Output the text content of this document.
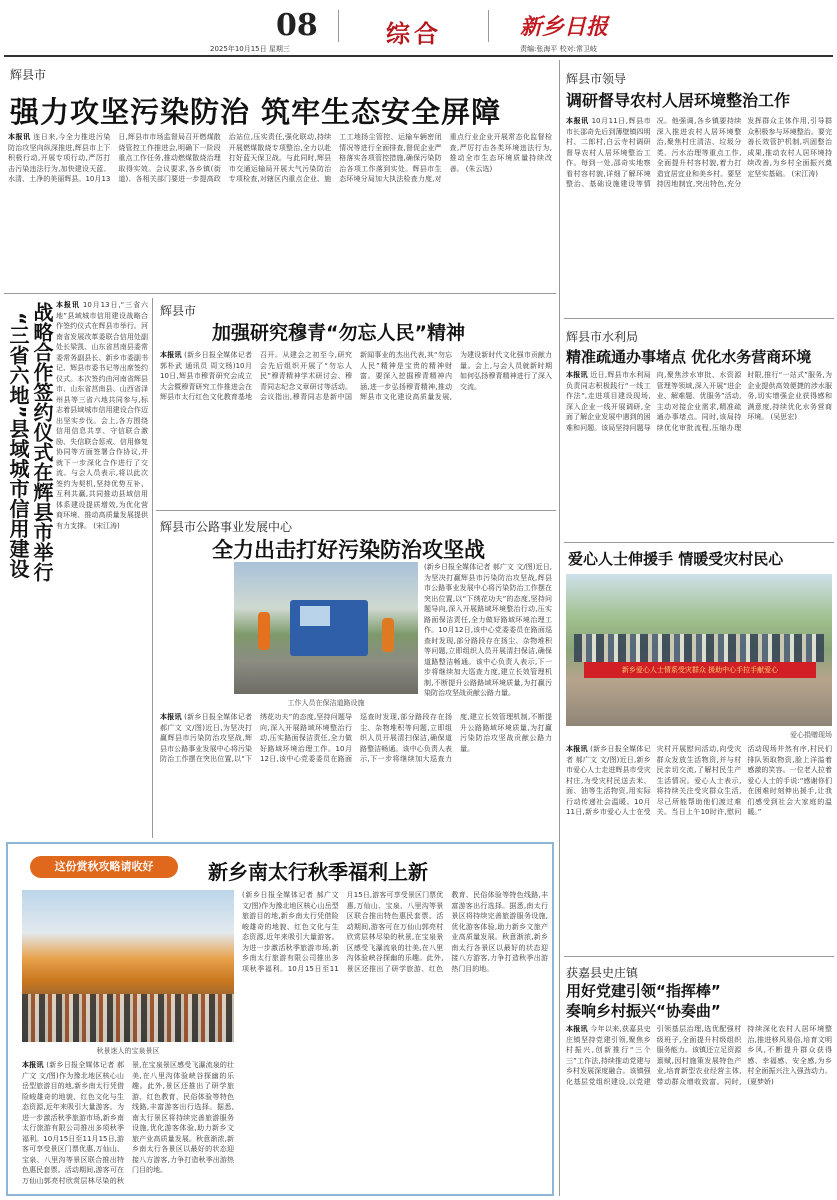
08	综合
2025年10月15日 星期三
新乡日报
责编:张海平 校对:常卫岐
辉县市
强力攻坚污染防治 筑牢生态安全屏障
本报讯 连日来,今全力推进污染防治攻坚向纵深推进,辉县市上下积极行动,开展专项行动,严厉打击污染违法行为,加快建设天蓝、水清、土净的美丽辉县。10月13日,辉县市市场监督局召开燃煤散烧管控工作推进会,明确下一阶段重点工作任务,推动燃煤散烧治理取得实效。会议要求,各乡镇(街道)、各相关部门要进一步提高政治站位,压实责任,强化联动,持续开展燃煤散烧专项整治,全力以赴打好蓝天保卫战。与此同时,辉县市交通运输局开展大气污染防治专项检查,对辖区内重点企业、施工工地扬尘管控、运输车辆密闭情况等进行全面排查,督促企业严格落实各项管控措施,确保污染防治各项工作落到实处。辉县市生态环境分局加大执法检查力度,对重点行业企业开展常态化监督检查,严厉打击各类环境违法行为,推动全市生态环境质量持续改善。 (朱云选)
战略合作签约仪式在辉县市举行
“三省六地”县域城市信用建设
本报讯 10月13日,“三省六地”县域城市信用建设战略合作签约仪式在辉县市举行。河南省发展改革委联合信用处副处长梁凯、山东省莒南县委常委常务副县长、新乡市委副书记、辉县市委书记等出席签约仪式。本次签约由河南省辉县市、山东省莒南县、山西省泽州县等三省六地共同参与,标志着县域城市信用建设合作迈出坚实步伐。会上,各方围绕信用信息共享、守信联合激励、失信联合惩戒、信用修复协同等方面签署合作协议,并就下一步深化合作进行了交流。与会人员表示,将以此次签约为契机,坚持优势互补、互利共赢,共同推动县域信用体系建设提质增效,为优化营商环境、推动高质量发展提供有力支撑。 (宋江涛)
辉县市
加强研究穆青“勿忘人民”精神
本报讯 (新乡日报全媒体记者 郭朴武 通讯员 周文杨)10月10日,辉县市穆青研究会成立大会暨穆青研究工作推进会在辉县市太行红色文化教育基地召开。从建会之初至今,研究会先后组织开展了“勿忘人民”穆青精神学术研讨会、穆青同志纪念文章研讨等活动。会议指出,穆青同志是新中国新闻事业的杰出代表,其“勿忘人民”精神是宝贵的精神财富。要深入挖掘穆青精神内涵,进一步弘扬穆青精神,推动辉县市文化建设高质量发展,为建设新时代文化强市贡献力量。会上,与会人员就新时期如何弘扬穆青精神进行了深入交流。
辉县市公路事业发展中心
全力出击打好污染防治攻坚战
工作人员在保洁道路设施
本报讯 (新乡日报全媒体记者 郝广文 文/图)近日,为坚决打赢辉县市污染防治攻坚战,辉县市公路事业发展中心将污染防治工作摆在突出位置,以“下绣花功夫”的态度,坚持问题导向,深入开展路域环境整治行动,压实路面保洁责任,全力做好路域环境治理工作。10月12日,该中心党委委员在路面巡查时发现,部分路段存在扬尘、杂物堆积等问题,立即组织人员开展清扫保洁,确保道路整洁畅通。该中心负责人表示,下一步将继续加大巡查力度,建立长效管理机制,不断提升公路路域环境质量,为打赢污染防治攻坚战贡献公路力量。
(新乡日报全媒体记者 郝广文 文/图)近日,为坚决打赢辉县市污染防治攻坚战,辉县市公路事业发展中心将污染防治工作摆在突出位置,以“下绣花功夫”的态度,坚持问题导向,深入开展路域环境整治行动,压实路面保洁责任,全力做好路域环境治理工作。10月12日,该中心党委委员在路面巡查时发现,部分路段存在扬尘、杂物堆积等问题,立即组织人员开展清扫保洁,确保道路整洁畅通。该中心负责人表示,下一步将继续加大巡查力度,建立长效管理机制,不断提升公路路域环境质量,为打赢污染防治攻坚战贡献公路力量。
这份赏秋攻略请收好	新乡南太行秋季福利上新
秋景迷人的宝泉景区
本报讯 (新乡日报全媒体记者 郝广文 文/图)作为豫北地区核心山岳型旅游目的地,新乡南太行凭借险峻雄奇的地貌、红色文化与生态资源,近年来吸引大量游客。为进一步激活秋季旅游市场,新乡南太行旅游有限公司推出多项秋季福利。10月15日至11月15日,游客可享受景区门票优惠,万仙山、宝泉、八里沟等景区联合推出特色惠民套票。活动期间,游客可在万仙山郭亮村欣赏层林尽染的秋景,在宝泉景区感受飞瀑流泉的壮美,在八里沟体验峡谷探幽的乐趣。此外,景区还推出了研学旅游、红色教育、民俗体验等特色线路,丰富游客出行选择。据悉,南太行景区将持续完善旅游服务设施,优化游客体验,助力新乡文旅产业高质量发展。秋意渐浓,新乡南太行各景区以最好的状态迎接八方游客,力争打造秋季出游热门目的地。
(新乡日报全媒体记者 郝广文 文/图)作为豫北地区核心山岳型旅游目的地,新乡南太行凭借险峻雄奇的地貌、红色文化与生态资源,近年来吸引大量游客。为进一步激活秋季旅游市场,新乡南太行旅游有限公司推出多项秋季福利。10月15日至11月15日,游客可享受景区门票优惠,万仙山、宝泉、八里沟等景区联合推出特色惠民套票。活动期间,游客可在万仙山郭亮村欣赏层林尽染的秋景,在宝泉景区感受飞瀑流泉的壮美,在八里沟体验峡谷探幽的乐趣。此外,景区还推出了研学旅游、红色教育、民俗体验等特色线路,丰富游客出行选择。据悉,南太行景区将持续完善旅游服务设施,优化游客体验,助力新乡文旅产业高质量发展。秋意渐浓,新乡南太行各景区以最好的状态迎接八方游客,力争打造秋季出游热门目的地。
辉县市领导
调研督导农村人居环境整治工作
本报讯 10月11日,辉县市市长邵奇先后到薄壁镇四明村、二郎村,白云寺村调研督导农村人居环境整治工作。每到一处,邵奇实地察看村容村貌,详细了解环境整治、基础设施建设等情况。他强调,各乡镇要持续深入推进农村人居环境整治,聚焦村庄清洁、垃圾分类、污水治理等重点工作,全面提升村容村貌,着力打造宜居宜业和美乡村。要坚持因地制宜,突出特色,充分发挥群众主体作用,引导群众积极参与环境整治。要完善长效管护机制,巩固整治成果,推动农村人居环境持续改善,为乡村全面振兴奠定坚实基础。 (宋江涛)
辉县市水利局
精准疏通办事堵点 优化水务营商环境
本报讯 近日,辉县市水利局负责同志积极践行“一线工作法”,走进项目建设现场,深入企业一线开展调研,全面了解企业发展中遇到的困难和问题。该局坚持问题导向,聚焦涉水审批、水资源管理等领域,深入开展“进企业、解难题、优服务”活动,主动对接企业需求,精准疏通办事堵点。同时,该局持续优化审批流程,压缩办理时限,推行“一站式”服务,为企业提供高效便捷的涉水服务,切实增强企业获得感和满意度,持续优化水务营商环境。 (吴思宏)
爱心人士伸援手 情暖受灾村民心
新乡爱心人士情系受灾群众 援助中心手拉手献爱心
爱心捐赠现场
本报讯 (新乡日报全媒体记者 郝广文 文/图)近日,新乡市爱心人士走进辉县市受灾村庄,为受灾村民送去米、面、油等生活物资,用实际行动传递社会温暖。10月11日,新乡市爱心人士在受灾村开展慰问活动,向受灾群众发放生活物资,并与村民亲切交流,了解村民生产生活情况。爱心人士表示,将持续关注受灾群众生活,尽己所能帮助他们渡过难关。当日上午10时许,慰问活动现场井然有序,村民们排队领取物资,脸上洋溢着感激的笑容。一位老人拉着爱心人士的手说:“感谢你们在困难时刻伸出援手,让我们感受到社会大家庭的温暖。”
获嘉县史庄镇
用好党建引领“指挥棒”
奏响乡村振兴“协奏曲”
本报讯 今年以来,获嘉县史庄镇坚持党建引领,聚焦乡村振兴,创新推行“三个三”工作法,持续推动党建与乡村发展深度融合。该镇强化基层党组织建设,以党建引领基层治理,选优配强村级班子,全面提升村级组织服务能力。该镇还立足资源禀赋,因村施策发展特色产业,培育新型农业经营主体,带动群众增收致富。同时,持续深化农村人居环境整治,推进移风易俗,培育文明乡风,不断提升群众获得感、幸福感、安全感,为乡村全面振兴注入强劲动力。 (夏梦娇)
